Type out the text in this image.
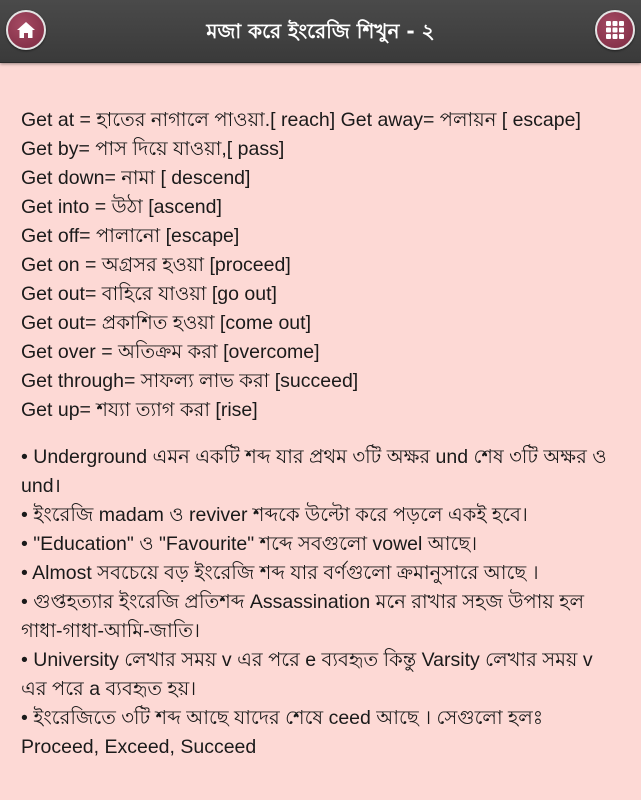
মজা করে ইংরেজি শিখুন - ২

Get at = হাতের নাগালে পাওয়া.[ reach] Get away= পলায়ন [ escape]

Get by= পাস দিয়ে যাওয়া,[ pass]

Get down= নামা [ descend]

Get into = উঠা [ascend]

Get off= পালানো [escape]

Get on = অগ্রসর হওয়া [proceed]

Get out= বাহিরে যাওয়া [go out]

Get out= প্রকাশিত হওয়া [come out]

Get over = অতিক্রম করা [overcome]

Get through= সাফল্য লাভ করা [succeed]

Get up= শয্যা ত্যাগ করা [rise]

• Underground এমন একটি শব্দ যার প্রথম ৩টি অক্ষর und শেষ ৩টি অক্ষর ও und।

• ইংরেজি madam ও reviver শব্দকে উল্টো করে পড়লে একই হবে।

• "Education" ও "Favourite" শব্দে সবগুলো vowel আছে।

• Almost সবচেয়ে বড় ইংরেজি শব্দ যার বর্ণগুলো ক্রমানুসারে আছে ।

• গুপ্তহত্যার ইংরেজি প্রতিশব্দ Assassination মনে রাখার সহজ উপায় হল গাধা-গাধা-আমি-জাতি।

• University লেখার সময় v এর পরে e ব্যবহৃত কিন্তু Varsity লেখার সময় v এর পরে a ব্যবহৃত হয়।

• ইংরেজিতে ৩টি শব্দ আছে যাদের শেষে ceed আছে । সেগুলো হলঃ Proceed, Exceed, Succeed
